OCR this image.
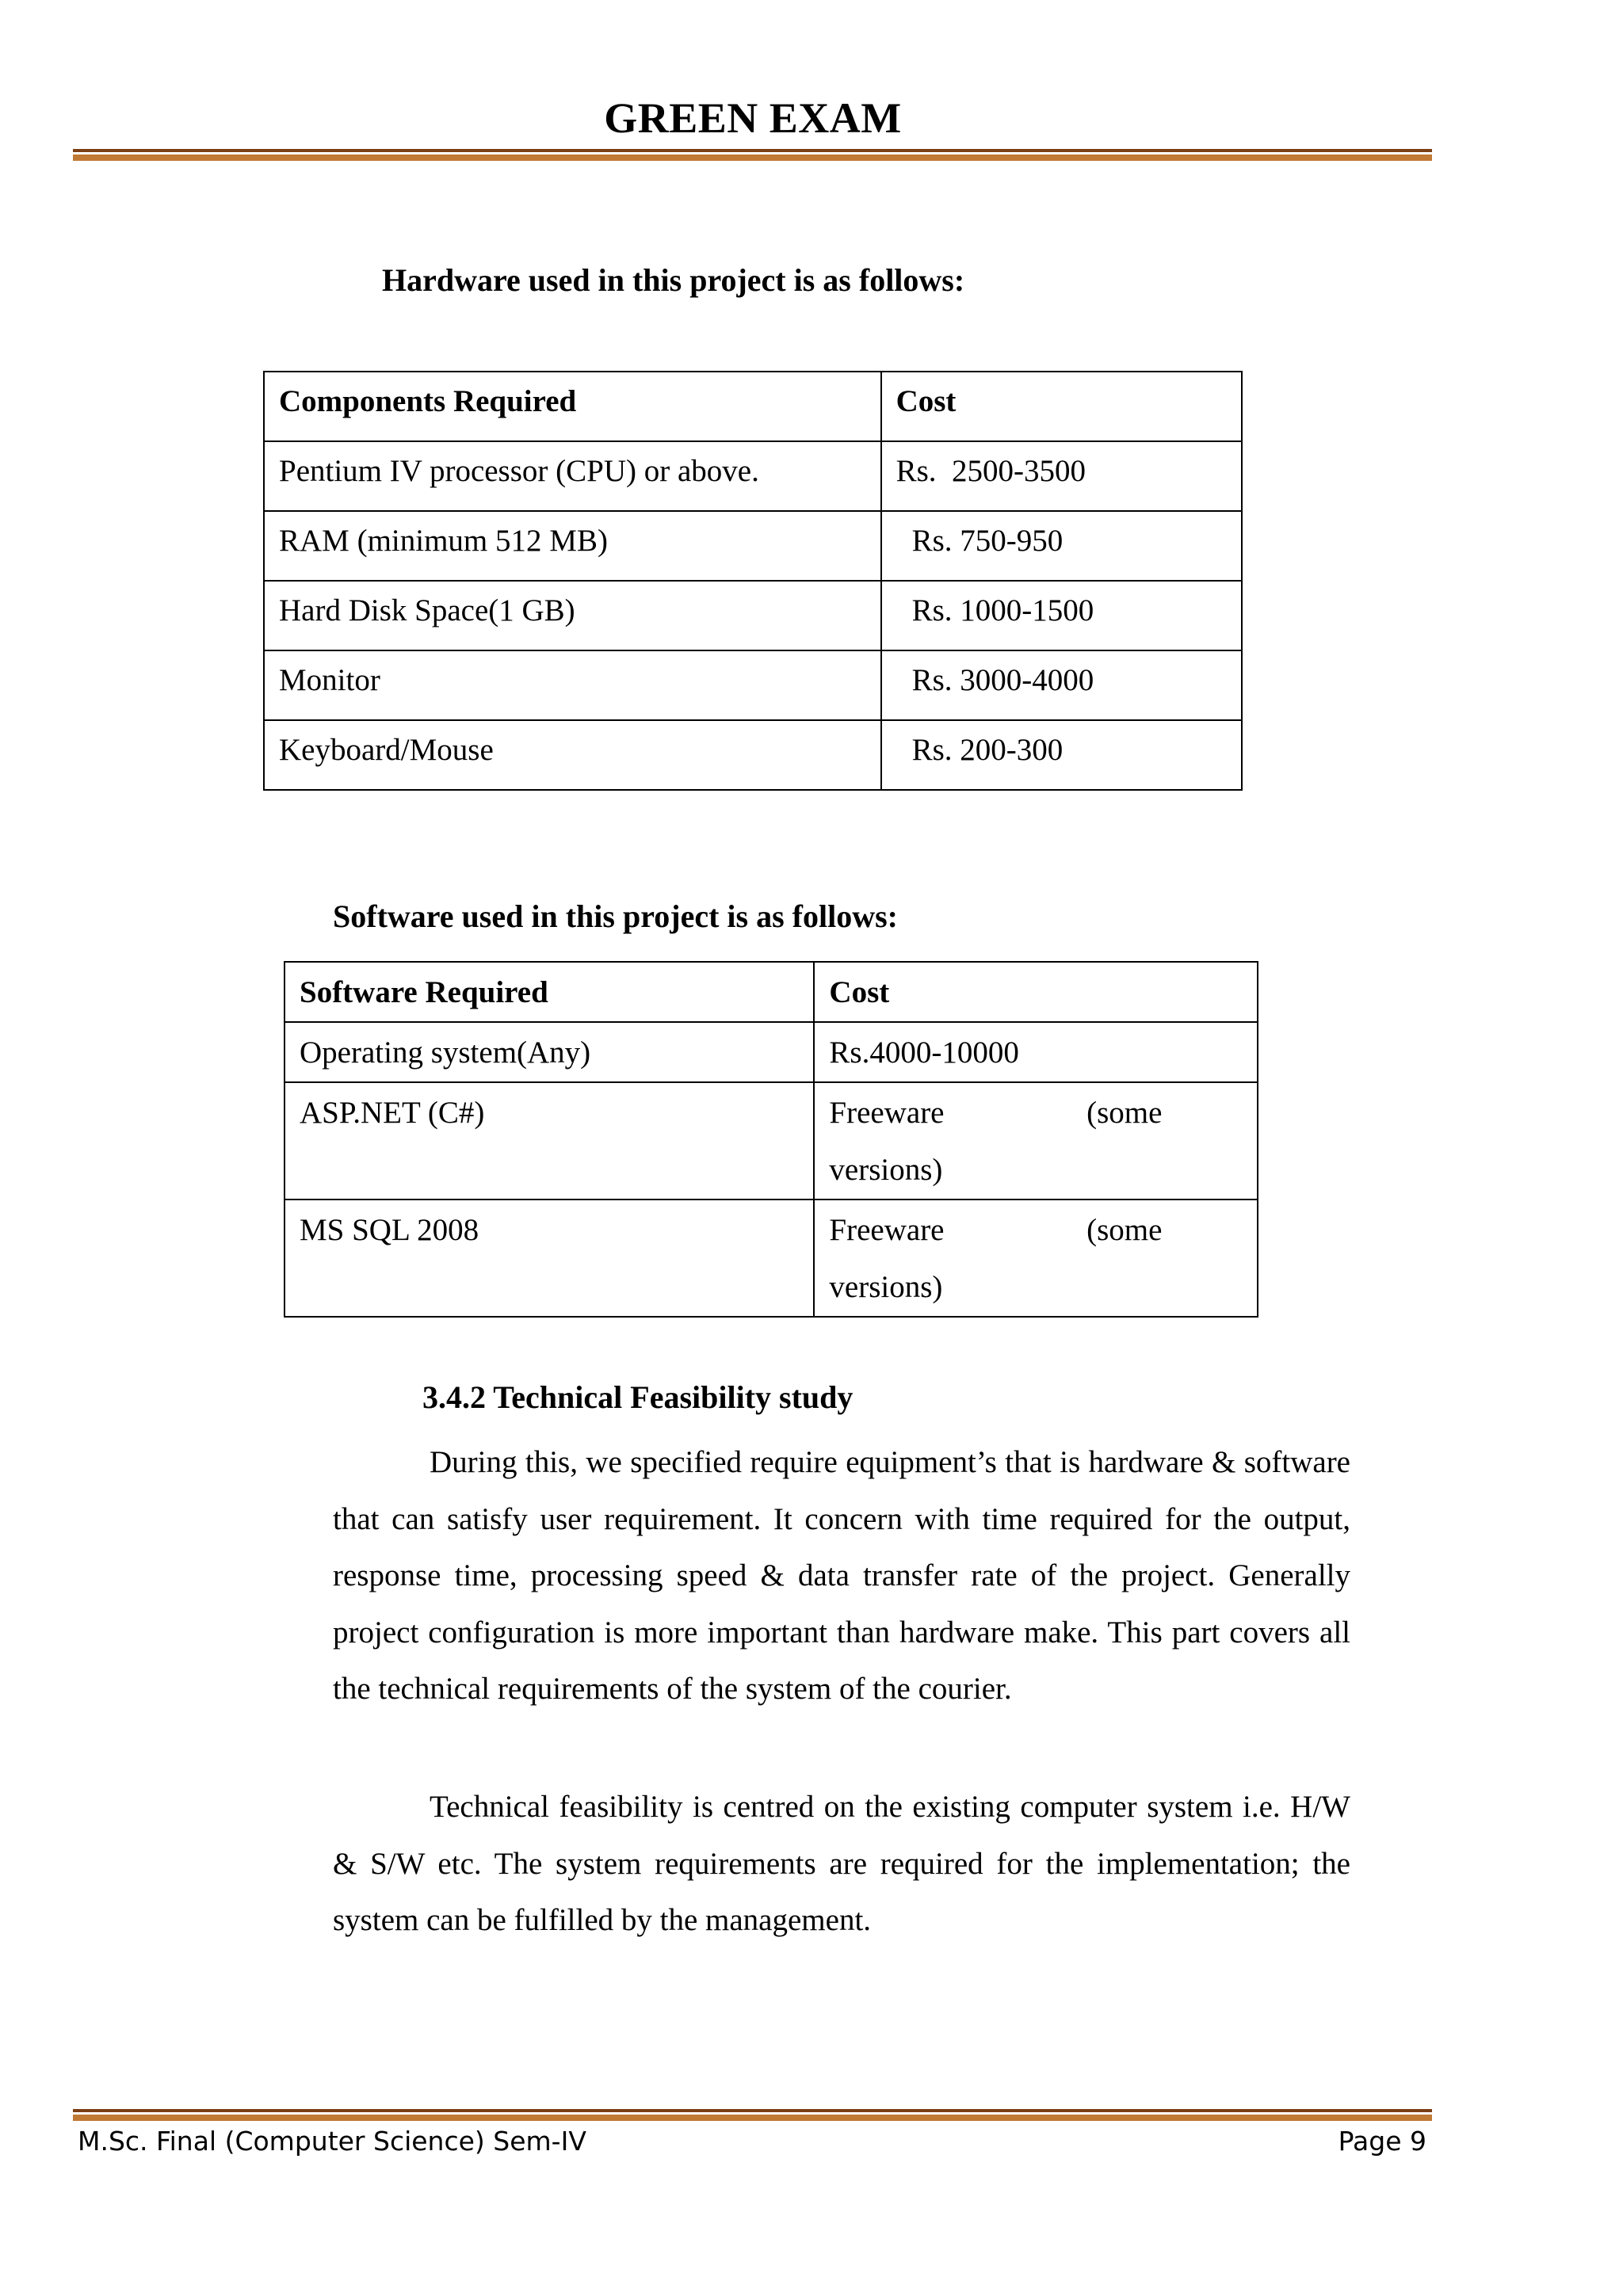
GREEN EXAM
Hardware used in this project is as follows:
Components Required	Cost
Pentium IV processor (CPU) or above.	Rs.  2500-3500
RAM (minimum 512 MB)	Rs. 750-950
Hard Disk Space(1 GB)	Rs. 1000-1500
Monitor	Rs. 3000-4000
Keyboard/Mouse	Rs. 200-300
Software used in this project is as follows:
Software Required	Cost
Operating system(Any)	Rs.4000-10000
ASP.NET (C#)	Freeware (some
versions)

MS SQL 2008	Freeware (some
versions)
3.4.2 Technical Feasibility study

During this, we specified require equipment’s that is hardware & software that can satisfy user requirement. It concern with time required for the output, response time, processing speed & data transfer rate of the project. Generally project configuration is more important than hardware make. This part covers all the technical requirements of the system of the courier.

Technical feasibility is centred on the existing computer system i.e. H/W & S/W etc. The system requirements are required for the implementation; the system can be fulfilled by the management.

M.Sc. Final (Computer Science) Sem-IV	Page 9
